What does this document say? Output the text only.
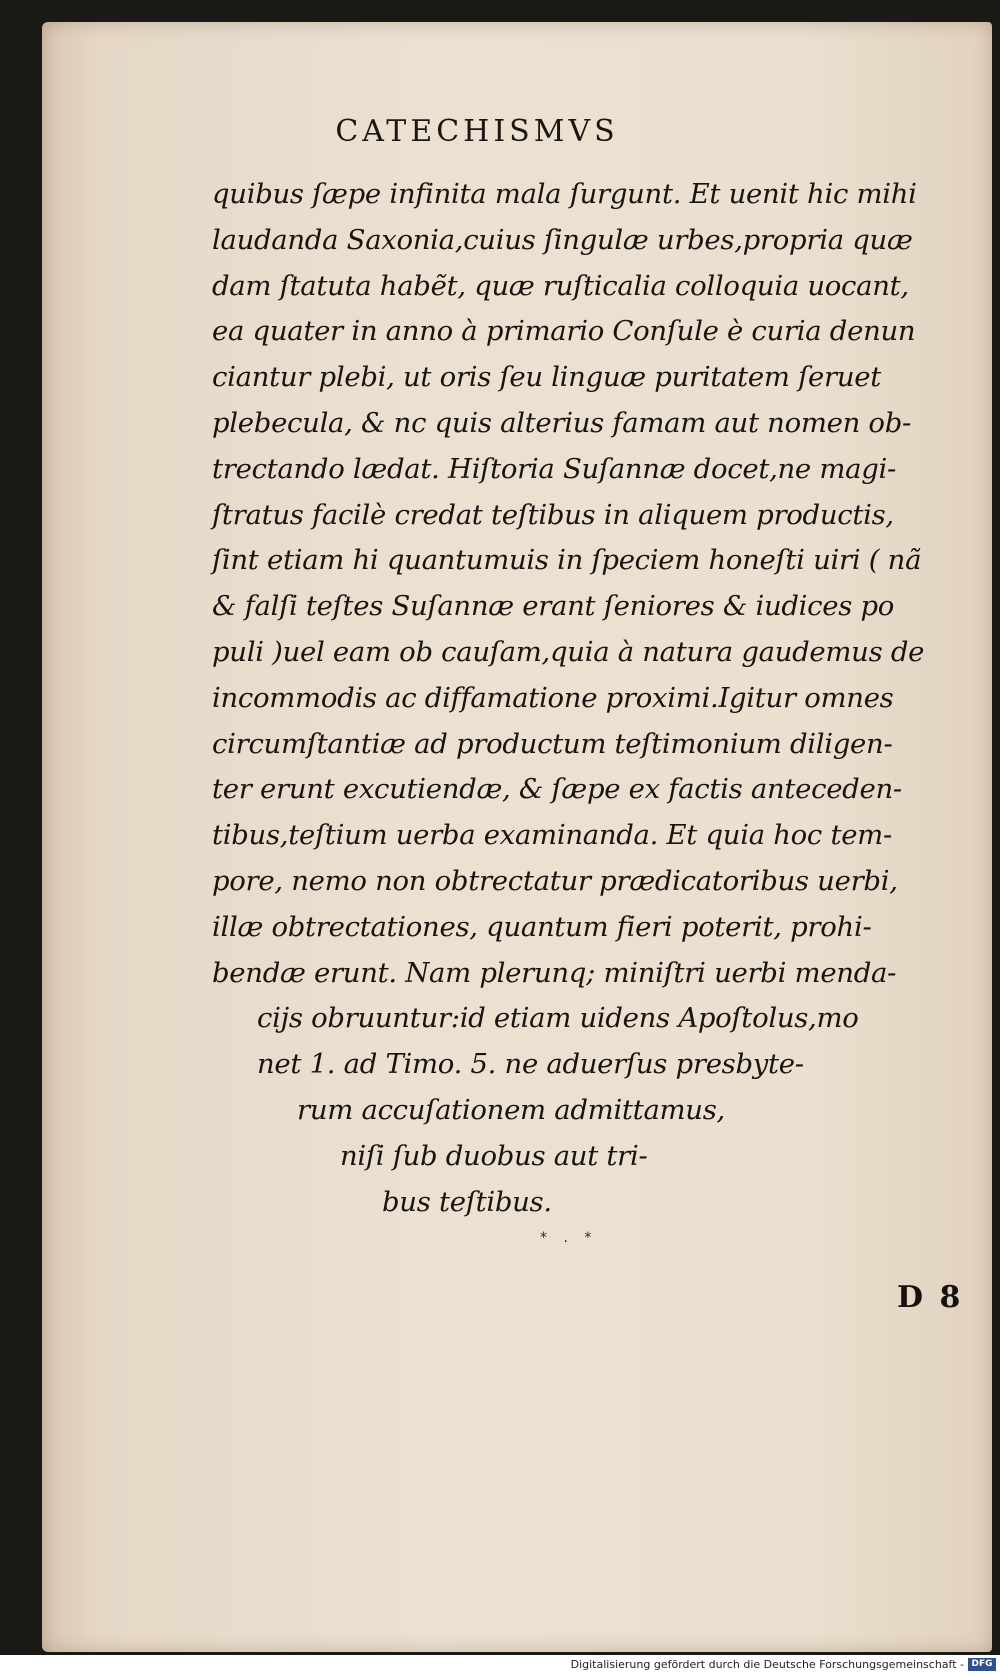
CATECHISMVS
quibus ſæpe infinita mala ſurgunt. Et uenit hic mihi
laudanda Saxonia,cuius ſingulæ urbes,propria quæ
dam ſtatuta habẽt, quæ ruſticalia colloquia uocant,
ea quater in anno à primario Conſule è curia denun
ciantur plebi, ut oris ſeu linguæ puritatem ſeruet
plebecula, & nc quis alterius famam aut nomen ob-
trectando lædat. Hiſtoria Suſannæ docet,ne magi-
ſtratus facilè credat teſtibus in aliquem productis,
ſint etiam hi quantumuis in ſpeciem honeſti uiri ( nã
& falſi teſtes Suſannæ erant ſeniores & iudices po
puli )uel eam ob cauſam,quia à natura gaudemus de
incommodis ac diffamatione proximi.Igitur omnes
circumſtantiæ ad productum teſtimonium diligen-
ter erunt excutiendæ, & ſæpe ex factis anteceden-
tibus,teſtium uerba examinanda. Et quia hoc tem-
pore, nemo non obtrectatur prædicatoribus uerbi,
illæ obtrectationes, quantum fieri poterit, prohi-
bendæ erunt. Nam plerunq; miniſtri uerbi menda-
cijs obruuntur:id etiam uidens Apoſtolus,mo
net 1. ad Timo. 5. ne aduerſus presbyte-
rum accuſationem admittamus,
niſi ſub duobus aut tri-
bus teſtibus.
* . *
D 8
Digitalisierung gefördert durch die Deutsche Forschungsgemeinschaft - DFG
